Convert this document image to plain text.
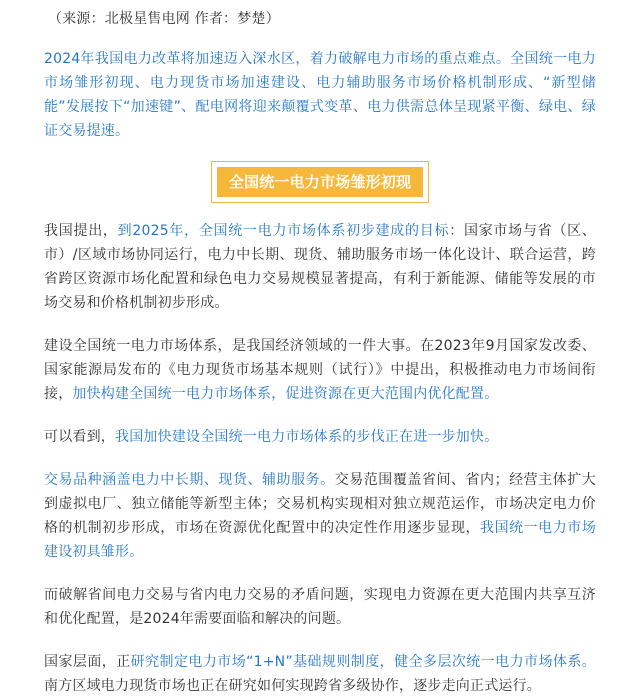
（来源：北极星售电网 作者：梦楚）

2024年我国电力改革将加速迈入深水区，着力破解电力市场的重点难点。全国统一电力市场雏形初现、电力现货市场加速建设、电力辅助服务市场价格机制形成、“新型储能”发展按下“加速键”、配电网将迎来颠覆式变革、电力供需总体呈现紧平衡、绿电、绿证交易提速。

全国统一电力市场雏形初现

我国提出，到2025年，全国统一电力市场体系初步建成的目标：国家市场与省（区、市）/区域市场协同运行，电力中长期、现货、辅助服务市场一体化设计、联合运营，跨省跨区资源市场化配置和绿色电力交易规模显著提高，有利于新能源、储能等发展的市场交易和价格机制初步形成。

建设全国统一电力市场体系，是我国经济领域的一件大事。在2023年9月国家发改委、国家能源局发布的《电力现货市场基本规则（试行）》中提出，积极推动电力市场间衔接，加快构建全国统一电力市场体系，促进资源在更大范围内优化配置。

可以看到，我国加快建设全国统一电力市场体系的步伐正在进一步加快。

交易品种涵盖电力中长期、现货、辅助服务。交易范围覆盖省间、省内；经营主体扩大到虚拟电厂、独立储能等新型主体；交易机构实现相对独立规范运作，市场决定电力价格的机制初步形成，市场在资源优化配置中的决定性作用逐步显现，我国统一电力市场建设初具雏形。

而破解省间电力交易与省内电力交易的矛盾问题，实现电力资源在更大范围内共享互济和优化配置，是2024年需要面临和解决的问题。

国家层面，正研究制定电力市场“1+N”基础规则制度，健全多层次统一电力市场体系。南方区域电力现货市场也正在研究如何实现跨省多级协作，逐步走向正式运行。
